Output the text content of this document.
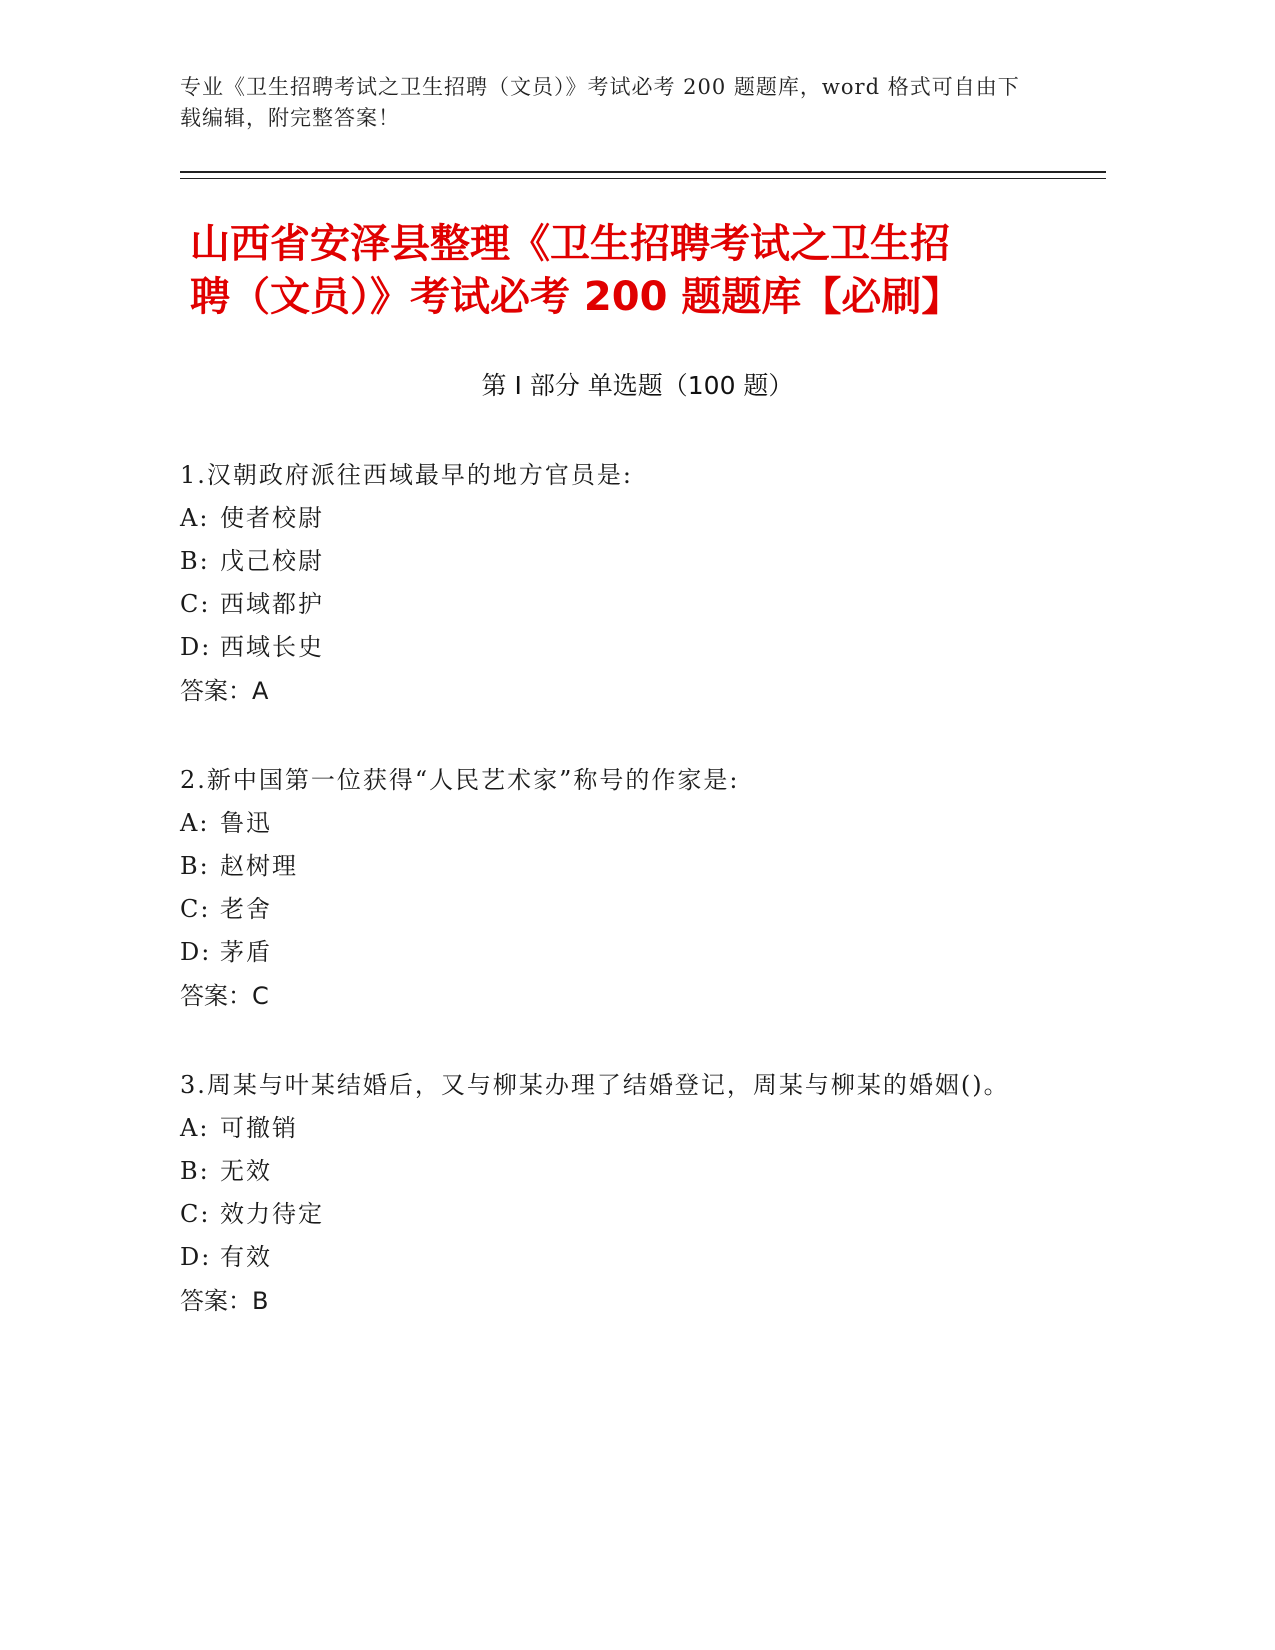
专业《卫生招聘考试之卫生招聘（文员）》考试必考 200 题题库，word 格式可自由下载编辑，附完整答案！
山西省安泽县整理《卫生招聘考试之卫生招
聘（文员）》考试必考 200 题题库【必刷】
第 I 部分 单选题（100 题）

1.汉朝政府派往西域最早的地方官员是:

A: 使者校尉

B: 戊己校尉

C: 西域都护

D: 西域长史

答案：A

2.新中国第一位获得“人民艺术家”称号的作家是:

A: 鲁迅

B: 赵树理

C: 老舍

D: 茅盾

答案：C

3.周某与叶某结婚后，又与柳某办理了结婚登记，周某与柳某的婚姻()。

A: 可撤销

B: 无效

C: 效力待定

D: 有效

答案：B
